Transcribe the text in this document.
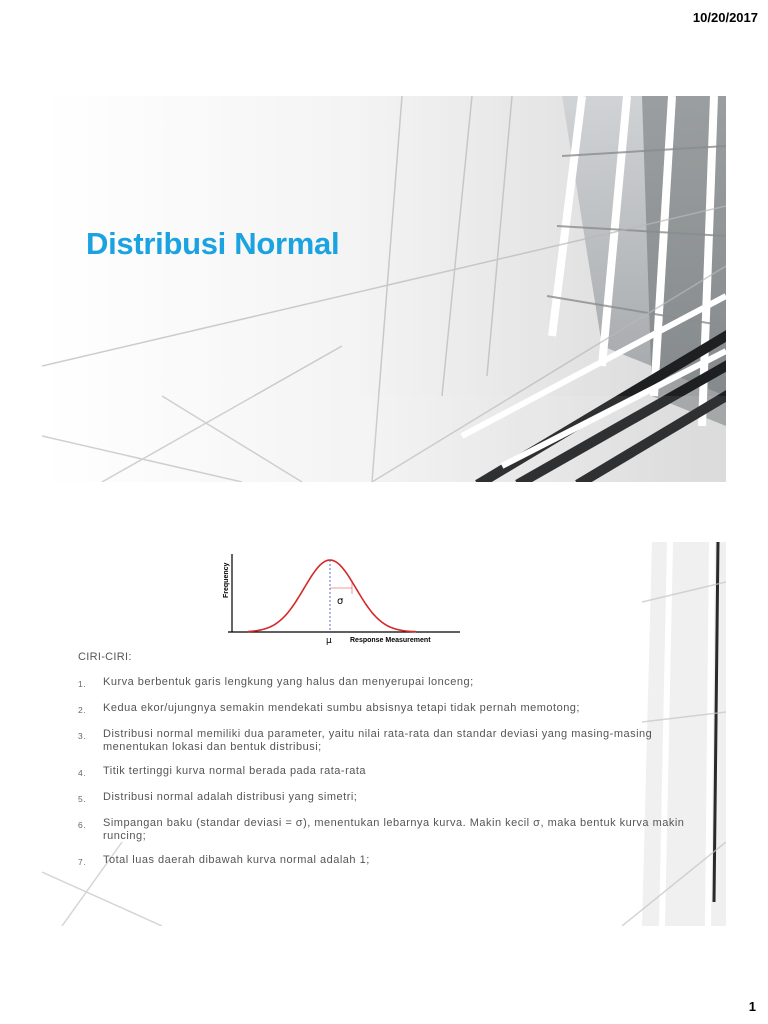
10/20/2017
Distribusi Normal
Frequency
μ
σ
Response Measurement
CIRI-CIRI:
1.	Kurva berbentuk garis lengkung yang halus dan menyerupai lonceng;
2.	Kedua ekor/ujungnya semakin mendekati sumbu absisnya tetapi tidak pernah memotong;
3.	Distribusi normal memiliki dua parameter, yaitu nilai rata-rata dan standar deviasi yang masing-masing menentukan lokasi dan bentuk distribusi;
4.	Titik tertinggi kurva normal berada pada rata-rata
5.	Distribusi normal adalah distribusi yang simetri;
6.	Simpangan baku (standar deviasi = σ), menentukan lebarnya kurva. Makin kecil σ, maka bentuk kurva makin runcing;
7.	Total luas daerah dibawah kurva normal adalah 1;
1
